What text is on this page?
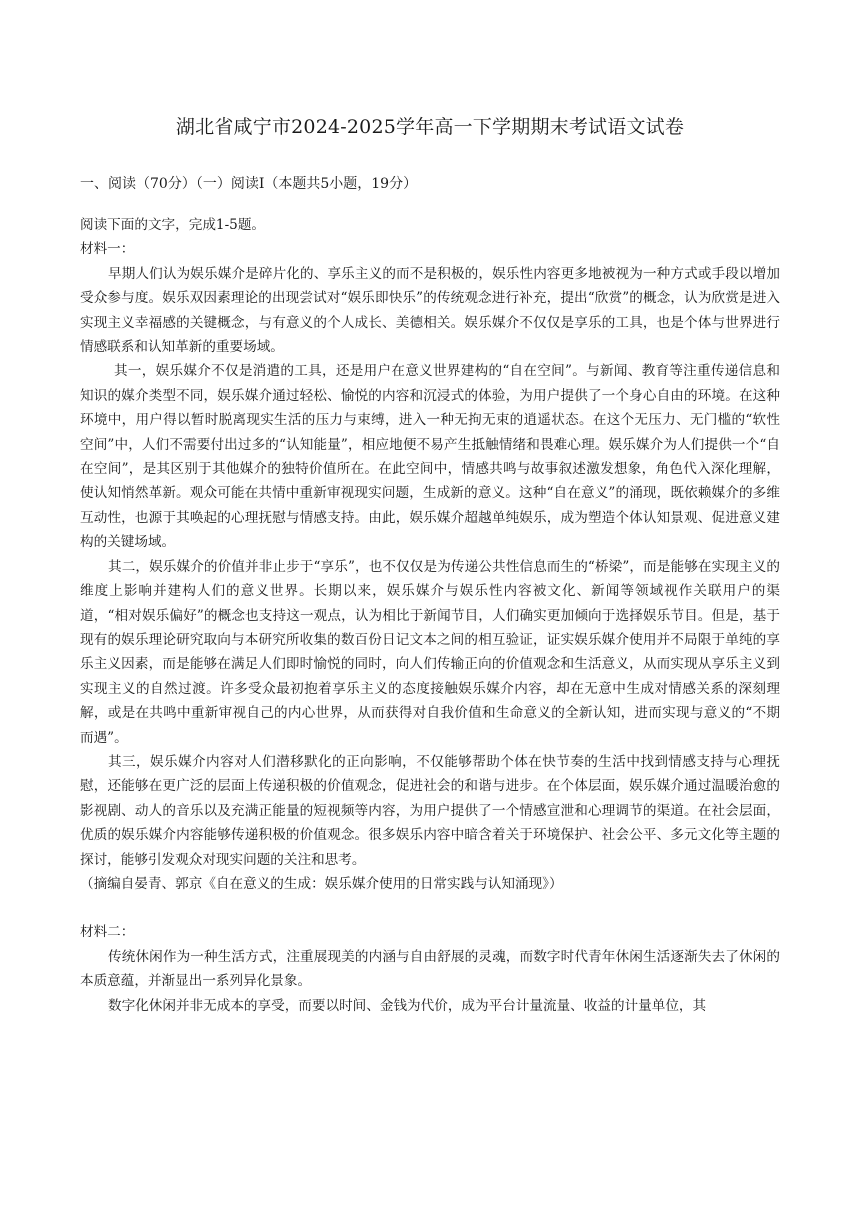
湖北省咸宁市2024-2025学年高一下学期期末考试语文试卷
一、阅读（70分）（一）阅读Ⅰ（本题共5小题，19分）

阅读下面的文字，完成1-5题。

材料一：

早期人们认为娱乐媒介是碎片化的、享乐主义的而不是积极的，娱乐性内容更多地被视为一种方式或手段以增加受众参与度。娱乐双因素理论的出现尝试对“娱乐即快乐”的传统观念进行补充，提出“欣赏”的概念，认为欣赏是进入实现主义幸福感的关键概念，与有意义的个人成长、美德相关。娱乐媒介不仅仅是享乐的工具，也是个体与世界进行情感联系和认知革新的重要场域。

其一，娱乐媒介不仅是消遣的工具，还是用户在意义世界建构的“自在空间”。与新闻、教育等注重传递信息和知识的媒介类型不同，娱乐媒介通过轻松、愉悦的内容和沉浸式的体验，为用户提供了一个身心自由的环境。在这种环境中，用户得以暂时脱离现实生活的压力与束缚，进入一种无拘无束的逍遥状态。在这个无压力、无门槛的“软性空间”中，人们不需要付出过多的“认知能量”，相应地便不易产生抵触情绪和畏难心理。娱乐媒介为人们提供一个“自在空间”，是其区别于其他媒介的独特价值所在。在此空间中，情感共鸣与故事叙述激发想象，角色代入深化理解，使认知悄然革新。观众可能在共情中重新审视现实问题，生成新的意义。这种“自在意义”的涌现，既依赖媒介的多维互动性，也源于其唤起的心理抚慰与情感支持。由此，娱乐媒介超越单纯娱乐，成为塑造个体认知景观、促进意义建构的关键场域。

其二，娱乐媒介的价值并非止步于“享乐”，也不仅仅是为传递公共性信息而生的“桥梁”，而是能够在实现主义的维度上影响并建构人们的意义世界。长期以来，娱乐媒介与娱乐性内容被文化、新闻等领域视作关联用户的渠道，“相对娱乐偏好”的概念也支持这一观点，认为相比于新闻节目，人们确实更加倾向于选择娱乐节目。但是，基于现有的娱乐理论研究取向与本研究所收集的数百份日记文本之间的相互验证，证实娱乐媒介使用并不局限于单纯的享乐主义因素，而是能够在满足人们即时愉悦的同时，向人们传输正向的价值观念和生活意义，从而实现从享乐主义到实现主义的自然过渡。许多受众最初抱着享乐主义的态度接触娱乐媒介内容，却在无意中生成对情感关系的深刻理解，或是在共鸣中重新审视自己的内心世界，从而获得对自我价值和生命意义的全新认知，进而实现与意义的“不期而遇”。

其三，娱乐媒介内容对人们潜移默化的正向影响，不仅能够帮助个体在快节奏的生活中找到情感支持与心理抚慰，还能够在更广泛的层面上传递积极的价值观念，促进社会的和谐与进步。在个体层面，娱乐媒介通过温暖治愈的影视剧、动人的音乐以及充满正能量的短视频等内容，为用户提供了一个情感宣泄和心理调节的渠道。在社会层面，优质的娱乐媒介内容能够传递积极的价值观念。很多娱乐内容中暗含着关于环境保护、社会公平、多元文化等主题的探讨，能够引发观众对现实问题的关注和思考。

（摘编自晏青、郭京《自在意义的生成：娱乐媒介使用的日常实践与认知涌现》）

材料二：

传统休闲作为一种生活方式，注重展现美的内涵与自由舒展的灵魂，而数字时代青年休闲生活逐渐失去了休闲的本质意蕴，并渐显出一系列异化景象。

数字化休闲并非无成本的享受，而要以时间、金钱为代价，成为平台计量流量、收益的计量单位，其
